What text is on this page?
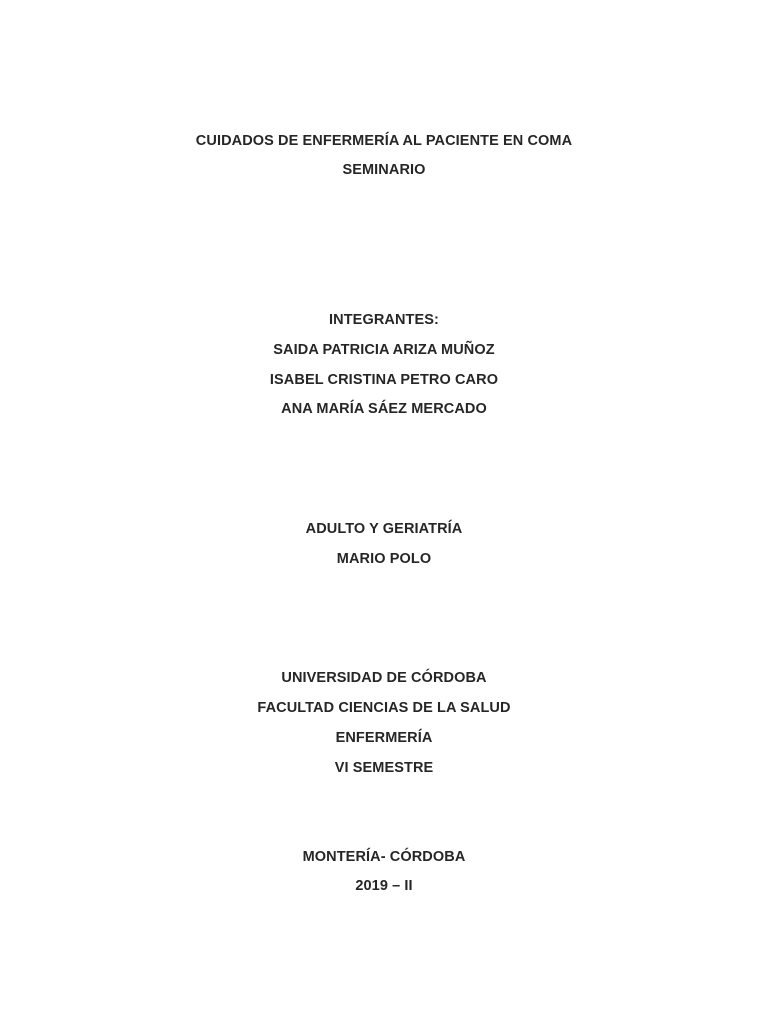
CUIDADOS DE ENFERMERÍA AL PACIENTE EN COMA
SEMINARIO
INTEGRANTES:
SAIDA PATRICIA ARIZA MUÑOZ
ISABEL CRISTINA PETRO CARO
ANA MARÍA SÁEZ MERCADO
ADULTO Y GERIATRÍA
MARIO POLO
UNIVERSIDAD DE CÓRDOBA
FACULTAD CIENCIAS DE LA SALUD
ENFERMERÍA
VI SEMESTRE
MONTERÍA- CÓRDOBA
2019 – II
